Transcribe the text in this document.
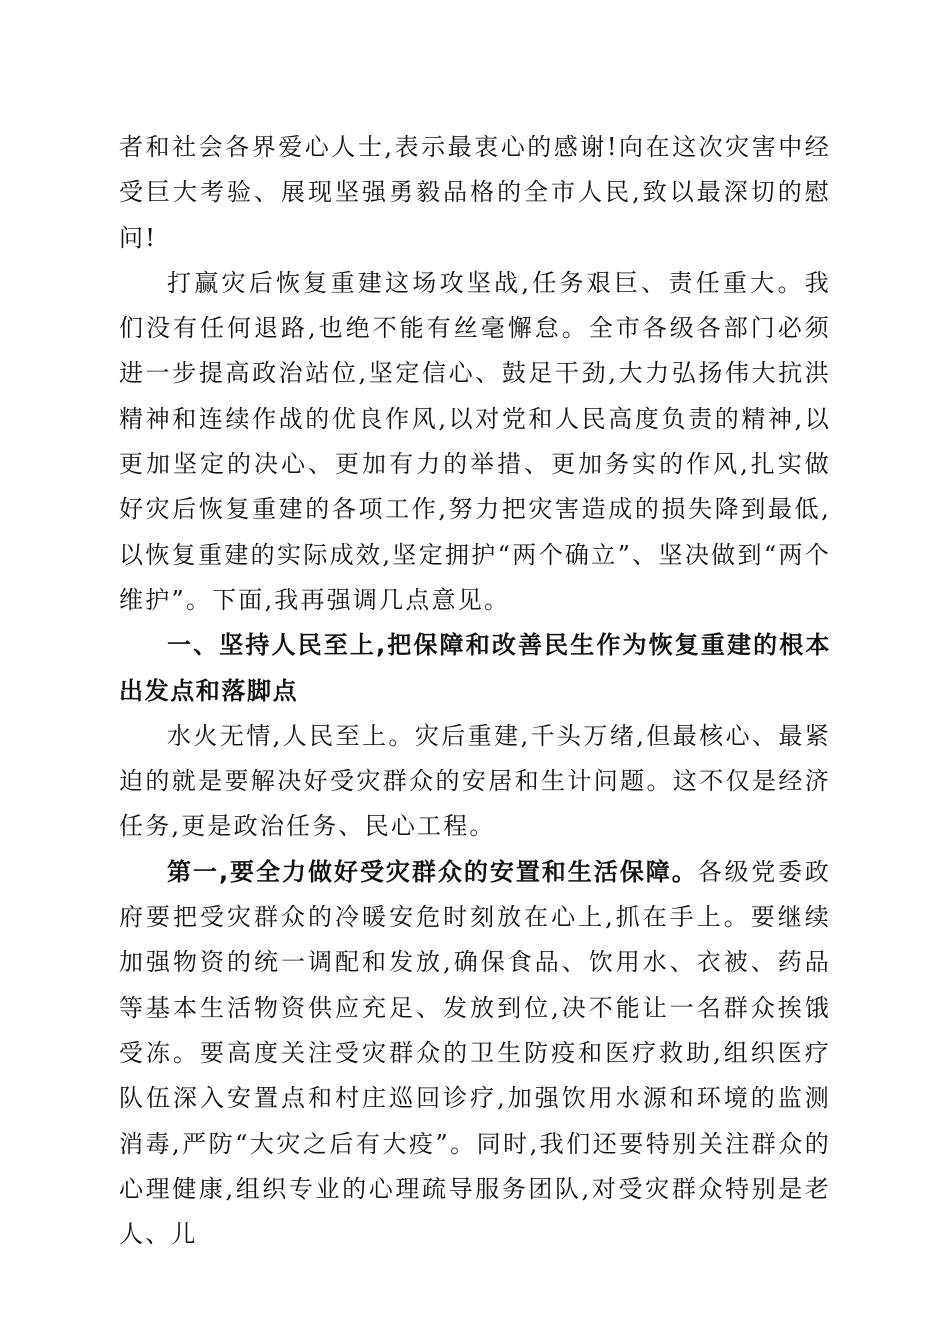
者和社会各界爱心人士,表示最衷心的感谢!向在这次灾害中经受巨大考验、展现坚强勇毅品格的全市人民,致以最深切的慰问!

打赢灾后恢复重建这场攻坚战,任务艰巨、责任重大。我们没有任何退路,也绝不能有丝毫懈怠。全市各级各部门必须进一步提高政治站位,坚定信心、鼓足干劲,大力弘扬伟大抗洪精神和连续作战的优良作风,以对党和人民高度负责的精神,以更加坚定的决心、更加有力的举措、更加务实的作风,扎实做好灾后恢复重建的各项工作,努力把灾害造成的损失降到最低,以恢复重建的实际成效,坚定拥护“两个确立”、坚决做到“两个维护”。下面,我再强调几点意见。

一、坚持人民至上,把保障和改善民生作为恢复重建的根本出发点和落脚点

水火无情,人民至上。灾后重建,千头万绪,但最核心、最紧迫的就是要解决好受灾群众的安居和生计问题。这不仅是经济任务,更是政治任务、民心工程。

第一,要全力做好受灾群众的安置和生活保障。各级党委政府要把受灾群众的冷暖安危时刻放在心上,抓在手上。要继续加强物资的统一调配和发放,确保食品、饮用水、衣被、药品等基本生活物资供应充足、发放到位,决不能让一名群众挨饿受冻。要高度关注受灾群众的卫生防疫和医疗救助,组织医疗队伍深入安置点和村庄巡回诊疗,加强饮用水源和环境的监测消毒,严防“大灾之后有大疫”。同时,我们还要特别关注群众的心理健康,组织专业的心理疏导服务团队,对受灾群众特别是老人、儿
